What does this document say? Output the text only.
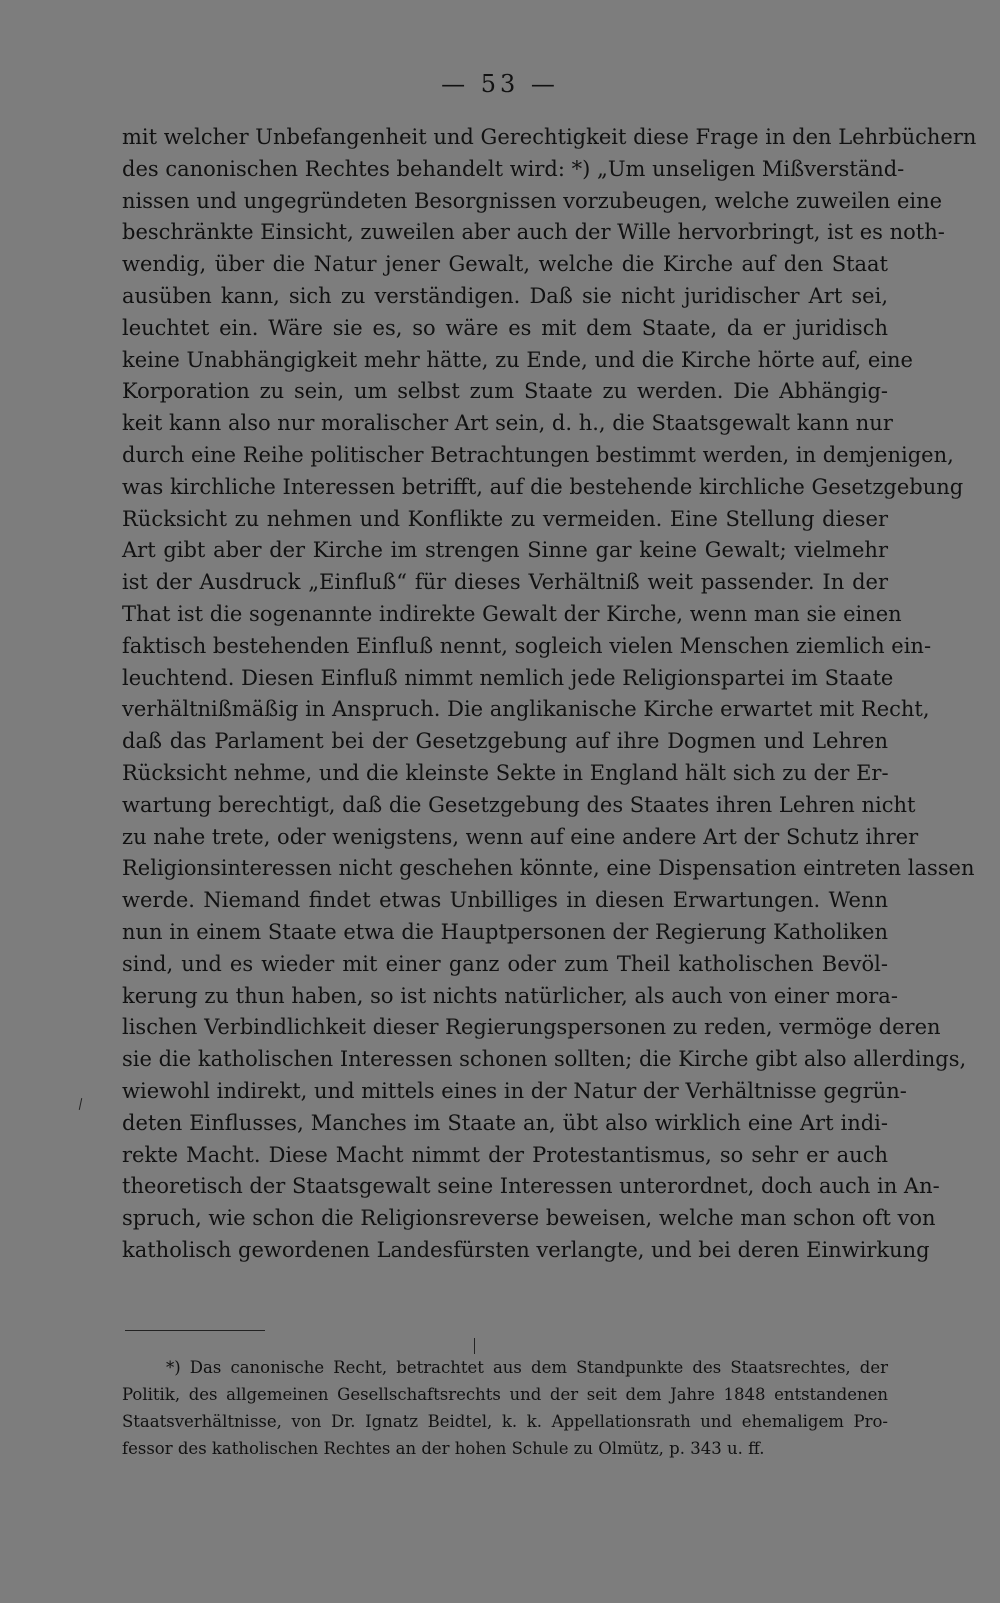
— 53 —
mit welcher Unbefangenheit und Gerechtigkeit diese Frage in den Lehrbüchern
des canonischen Rechtes behandelt wird: *) „Um unseligen Mißverständ-
nissen und ungegründeten Besorgnissen vorzubeugen, welche zuweilen eine
beschränkte Einsicht, zuweilen aber auch der Wille hervorbringt, ist es noth-
wendig, über die Natur jener Gewalt, welche die Kirche auf den Staat
ausüben kann, sich zu verständigen. Daß sie nicht juridischer Art sei,
leuchtet ein. Wäre sie es, so wäre es mit dem Staate, da er juridisch
keine Unabhängigkeit mehr hätte, zu Ende, und die Kirche hörte auf, eine
Korporation zu sein, um selbst zum Staate zu werden. Die Abhängig-
keit kann also nur moralischer Art sein, d. h., die Staatsgewalt kann nur
durch eine Reihe politischer Betrachtungen bestimmt werden, in demjenigen,
was kirchliche Interessen betrifft, auf die bestehende kirchliche Gesetzgebung
Rücksicht zu nehmen und Konflikte zu vermeiden. Eine Stellung dieser
Art gibt aber der Kirche im strengen Sinne gar keine Gewalt; vielmehr
ist der Ausdruck „Einfluß“ für dieses Verhältniß weit passender. In der
That ist die sogenannte indirekte Gewalt der Kirche, wenn man sie einen
faktisch bestehenden Einfluß nennt, sogleich vielen Menschen ziemlich ein-
leuchtend. Diesen Einfluß nimmt nemlich jede Religionspartei im Staate
verhältnißmäßig in Anspruch. Die anglikanische Kirche erwartet mit Recht,
daß das Parlament bei der Gesetzgebung auf ihre Dogmen und Lehren
Rücksicht nehme, und die kleinste Sekte in England hält sich zu der Er-
wartung berechtigt, daß die Gesetzgebung des Staates ihren Lehren nicht
zu nahe trete, oder wenigstens, wenn auf eine andere Art der Schutz ihrer
Religionsinteressen nicht geschehen könnte, eine Dispensation eintreten lassen
werde. Niemand findet etwas Unbilliges in diesen Erwartungen. Wenn
nun in einem Staate etwa die Hauptpersonen der Regierung Katholiken
sind, und es wieder mit einer ganz oder zum Theil katholischen Bevöl-
kerung zu thun haben, so ist nichts natürlicher, als auch von einer mora-
lischen Verbindlichkeit dieser Regierungspersonen zu reden, vermöge deren
sie die katholischen Interessen schonen sollten; die Kirche gibt also allerdings,
wiewohl indirekt, und mittels eines in der Natur der Verhältnisse gegrün-
deten Einflusses, Manches im Staate an, übt also wirklich eine Art indi-
rekte Macht. Diese Macht nimmt der Protestantismus, so sehr er auch
theoretisch der Staatsgewalt seine Interessen unterordnet, doch auch in An-
spruch, wie schon die Religionsreverse beweisen, welche man schon oft von
katholisch gewordenen Landesfürsten verlangte, und bei deren Einwirkung
*) Das canonische Recht, betrachtet aus dem Standpunkte des Staatsrechtes, der
Politik, des allgemeinen Gesellschaftsrechts und der seit dem Jahre 1848 entstandenen
Staatsverhältnisse, von Dr. Ignatz Beidtel, k. k. Appellationsrath und ehemaligem Pro-
fessor des katholischen Rechtes an der hohen Schule zu Olmütz, p. 343 u. ff.
